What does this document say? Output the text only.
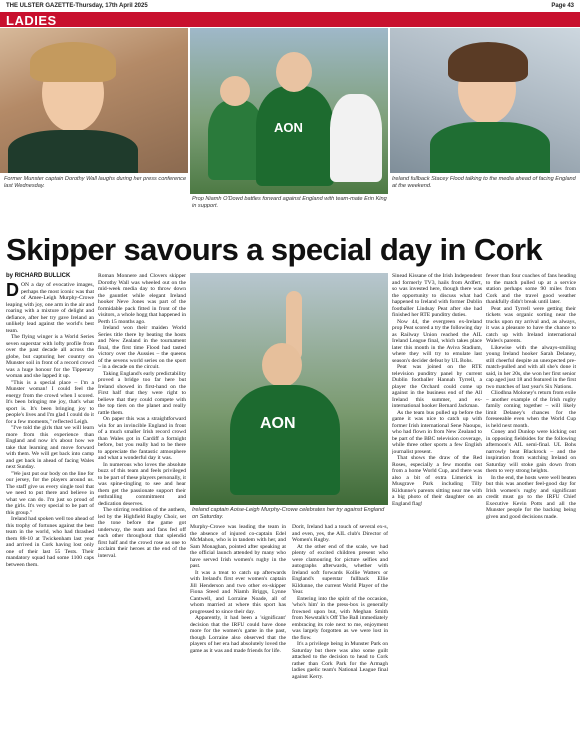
THE ULSTER GAZETTE-Thursday, 17th April 2025	Page 43
LADIES
AON
Former Munster captain Dorothy Wall laughs during her press conference last Wednesday.
Prop Niamh O'Dowd battles forward against England with team-mate Erin King in support.
Ireland fullback Stacey Flood talking to the media ahead of facing England at the weekend.
Skipper savours a special day in Cork
by RICHARD BULLICK
AON
Ireland captain Aoise-Leigh Murphy-Crowe celebrates her try against England on Saturday.

DON a day of evocative images, perhaps the most iconic was that of Amee-Leigh Murphy-Crowe leaping with joy, one arm in the air and roaring with a mixture of delight and defiance, after her try gave Ireland an unlikely lead against the world's best team.

The flying winger is a World Series seven superstar with lofty profile from over the past decade all across the globe, but capturing her country on Munster soil in front of a record crowd was a huge honour for the Tipperary woman and she lapped it up.

"This is a special place – I'm a Munster woman! I could feel the energy from the crowd when I scored. It's been bringing me joy, that's what sport is. It's been bringing joy to people's lives and I'm glad I could do it for a few moments," reflected Leigh.

"I've told the girls that we will learn more from this experience than England and now it's about how we take that learning and move forward with them. We will get back into camp and get back in ahead of facing Wales next Sunday.

"We just put our body on the line for our jersey, for the players around us. The staff give us every single tool that we need to put there and believe in what we can do. I'm just so proud of the girls. It's very special to be part of this group."

Ireland had spoken well too ahead of this trophy of fortunes against the best team in the world, who had thrashed them 88-10 at Twickenham last year and arrived in Cork having lost only one of their last 55 Tests. Their mandatory squad had some 1100 caps between them.

Roman Monnere and Clovers skipper Dorothy Wall was wheeled out on the mid-week media day to throw down the gauntlet while elegant Ireland hooker Neve Jones was part of the formidable pack fitted in front of the visitors, a whole hogg that happened in Perth 15 months ago.

Ireland won their maiden World Series title there by beating the hosts and New Zealand in the tournament final, the first time Flood had tasted victory over the Aussies – the queens of the sevens world series on the sport – in a decade on the circuit.

Taking England's early predictability proved a bridge too far here but Ireland showed in first-hand on the First half that they were right to believe that they could compete with the top tiers on the planet and really rattle them.

On paper this was a straightforward win for an invincible England in front of a much smaller Irish record crowd than Wales got in Cardiff a fortnight before, but you really had to be there to appreciate the fantastic atmosphere and what a wonderful day it was.

In numerous who loves the absolute buzz of this team and feels privileged to be part of these players personally, it was spine-tingling to see and hear them get the passionate support their enthralling commitment and dedication deserves.

The stirring rendition of the anthem, led by the Highfield Rugby Choir, set the tone before the game got underway, the team and fans fed off each other throughout that splendid first half and the crowd rose as one to acclaim their heroes at the end of the interval.

Murphy-Crowe was leading the team in the absence of injured co-captain Edel McMahon, who is in tandem with her, and Sam Monaghan, pointed after speaking at the official launch attended by many who have served Irish women's rugby in the past.

It was a treat to catch up afterwards with Ireland's first ever women's captain Jill Henderson and two other ex-skipper Fiona Steed and Niamh Briggs, Lynne Cantwell, and Lorraine Noade, all of whom married at where this sport has progressed to since their day.

Apparently, it had been a 'significant' decision that the IRFU could have done more for the women's game in the past, though Lorraine also observed that the players of her era had absolutely loved the game as it was and made friends for life.

Dorit, Ireland had a touch of several ex-s, and even, yes, the AIL club's Director of Women's Rugby.

At the other end of the scale, we had plenty of excited children present who were clamouring for picture selfies and autographs afterwards, whether with Ireland soft forwards Kollie Watters or England's superstar fullback Ellie Kildunne, the current World Player of the Year.

Entering into the spirit of the occasion, 'who's him' in the press-box is generally frowned upon but, with Meghan Smith from Newstalk's Off The Ball immediately embracing its role next to me, enjoyment was largely forgotten as we were lost in the flow.

It's a privilege being in Munster Park on Saturday but there was also some guilt attached to the decision to head to Cork rather than Cork Park for the Armagh ladies gaelic team's National League final against Kerry.

Sinead Kissane of the Irish Independent and formerly TV3, hails from Ardfert, so was invested here, though there was the opportunity to discuss what had happened to Ireland with former Dublin footballer Lindsay Peat after she had finished her RTE punditry duties.

Now 44, the evergreen ex-Ireland prop Peat scored a try the following day as Railway Union reached the AIL Ireland League final, which takes place later this month in the Aviva Stadium, where they will try to emulate last season's decider defeat by UL Bohs.

Peat was joined on the RTE television punditry panel by current Dublin footballer Hannah Tyrrell, a player the Orchard could come up against in the business end of the All Ireland this summer, and ex-international hooker Bernard Jackman.

As the team bus pulled up before the game it was nice to catch up with former Irish international Sene Naoupu, who had flown in from New Zealand to be part of the BBC television coverage, while three other sports a few English journalist present.

That shows the draw of the Red Roses, especially a few months out from a home World Cup, and there was also a bit of extra Limerick in Musgrave Park including Tilly Kildunne's parents sitting near me with a big photo of their daughter on an England flag!

fewer than four coaches of fans heading to the match pulled up at a service station perhaps some 90 miles from Cork and the travel good weather thankfully didn't break until later.

Peat and Tyrrell were getting their tickets was organic sorting near the trucks upon my arrival and, as always, it was a pleasure to have the chance to catch up with Ireland international Wales's parents.

Likewise with the always-smiling young Ireland hooker Sarah Delaney, still cheerful despite an unexpected pre-match-pulled and with all she's done it said, in her 20s, she won her first senior cap aged just 18 and featured in the first two matches of last year's Six Nations.

Cliodhna Moloney's return from exile – another example of the Irish rugby family coming together – will likely limit Delaney's chances for the foreseeable even when the World Cup is held next month.

Coney and Dunlop were kicking out in opposing fieldsides for the following afternoon's AIL semi-final. UL Bohs narrowly beat Blackrock – and the inspiration from watching Ireland on Saturday will stoke gain down from them to very strong heights.

In the end, the hosts were well beaten but this was another feel-good day for Irish women's rugby and significant credit must go to the IRFU Chief Executive Kevin Potts and all the Munster people for the backing being given and good decisions made.
